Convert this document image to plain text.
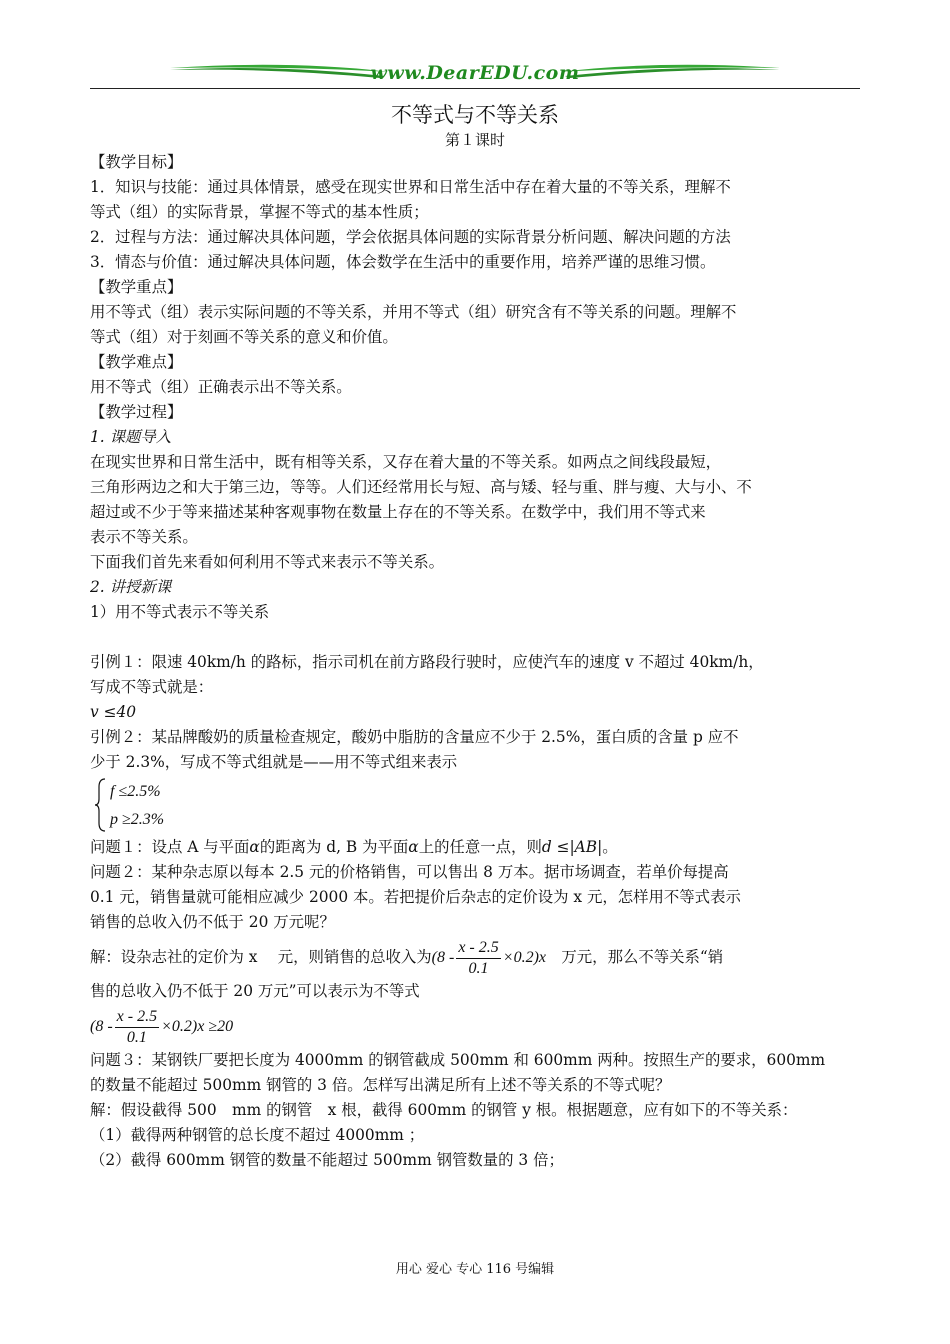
www.DearEDU.com
不等式与不等关系
第１课时
【教学目标】
1．知识与技能：通过具体情景，感受在现实世界和日常生活中存在着大量的不等关系，理解不
等式（组）的实际背景，掌握不等式的基本性质；
2．过程与方法：通过解决具体问题，学会依据具体问题的实际背景分析问题、解决问题的方法
3．情态与价值：通过解决具体问题，体会数学在生活中的重要作用，培养严谨的思维习惯。
【教学重点】
用不等式（组）表示实际问题的不等关系，并用不等式（组）研究含有不等关系的问题。理解不
等式（组）对于刻画不等关系的意义和价值。
【教学难点】
用不等式（组）正确表示出不等关系。
【教学过程】
1. 课题导入
在现实世界和日常生活中，既有相等关系，又存在着大量的不等关系。如两点之间线段最短，
三角形两边之和大于第三边，等等。人们还经常用长与短、高与矮、轻与重、胖与瘦、大与小、不
超过或不少于等来描述某种客观事物在数量上存在的不等关系。在数学中，我们用不等式来
表示不等关系。
下面我们首先来看如何利用不等式来表示不等关系。
2. 讲授新课
1）用不等式表示不等关系
引例１：限速 40km/h 的路标，指示司机在前方路段行驶时，应使汽车的速度 v 不超过 40km/h，
写成不等式就是：
v ≤40
引例２：某品牌酸奶的质量检查规定，酸奶中脂肪的含量应不少于 2.5%，蛋白质的含量 p 应不
少于 2.3%，写成不等式组就是——用不等式组来表示
f ≤2.5%
p ≥2.3%
问题１：设点 A 与平面α的距离为 d, B 为平面α上的任意一点，则d ≤|AB|。
问题２：某种杂志原以每本 2.5 元的价格销售，可以售出 8 万本。据市场调查，若单价每提高
0.1 元，销售量就可能相应减少 2000 本。若把提价后杂志的定价设为 x 元，怎样用不等式表示
销售的总收入仍不低于 20 万元呢？
解：设杂志社的定价为 x　 元，则销售的总收入为$(8 - \frac{x - 2.5}{0.1} \times 0.2)x$　万元，那么不等关系“销
售的总收入仍不低于 20 万元”可以表示为不等式
$(8 - \frac{x - 2.5}{0.1} \times 0.2)x \ge 20$
问题３：某钢铁厂要把长度为 4000mm 的钢管截成 500mm 和 600mm 两种。按照生产的要求，600mm
的数量不能超过 500mm 钢管的 3 倍。怎样写出满足所有上述不等关系的不等式呢？
解：假设截得 500　mm 的钢管　x 根，截得 600mm 的钢管 y 根。根据题意，应有如下的不等关系：
（1）截得两种钢管的总长度不超过 4000mm ；
（2）截得 600mm 钢管的数量不能超过 500mm 钢管数量的 3 倍；
用心 爱心 专心 116 号编辑
